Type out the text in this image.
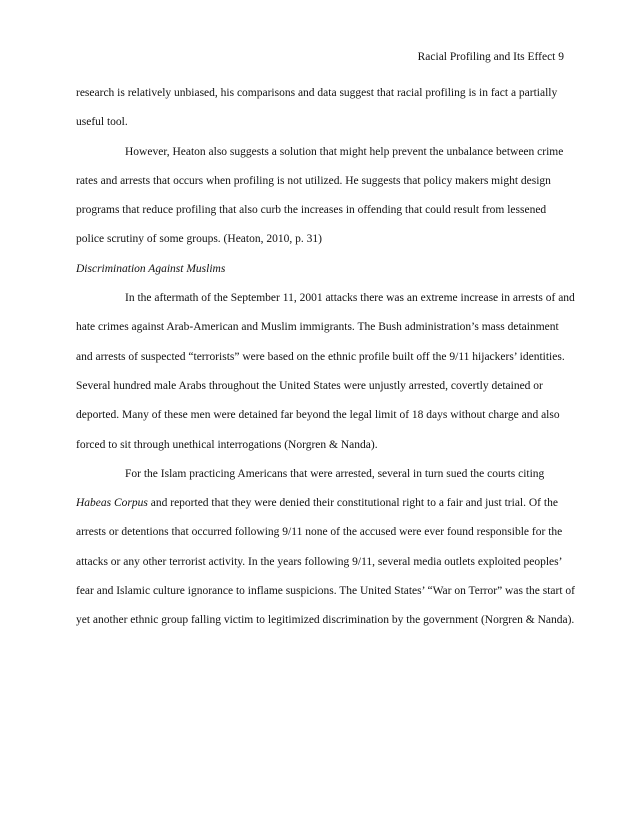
Racial Profiling and Its Effect 9

research is relatively unbiased, his comparisons and data suggest that racial profiling is in fact a partially useful tool.

However, Heaton also suggests a solution that might help prevent the unbalance between crime rates and arrests that occurs when profiling is not utilized. He suggests that policy makers might design programs that reduce profiling that also curb the increases in offending that could result from lessened police scrutiny of some groups. (Heaton, 2010, p. 31)

Discrimination Against Muslims

In the aftermath of the September 11, 2001 attacks there was an extreme increase in arrests of and hate crimes against Arab-American and Muslim immigrants. The Bush administration’s mass detainment and arrests of suspected “terrorists” were based on the ethnic profile built off the 9/11 hijackers’ identities. Several hundred male Arabs throughout the United States were unjustly arrested, covertly detained or deported. Many of these men were detained far beyond the legal limit of 18 days without charge and also forced to sit through unethical interrogations (Norgren & Nanda).

For the Islam practicing Americans that were arrested, several in turn sued the courts citing Habeas Corpus and reported that they were denied their constitutional right to a fair and just trial. Of the arrests or detentions that occurred following 9/11 none of the accused were ever found responsible for the attacks or any other terrorist activity. In the years following 9/11, several media outlets exploited peoples’ fear and Islamic culture ignorance to inflame suspicions. The United States’ “War on Terror” was the start of yet another ethnic group falling victim to legitimized discrimination by the government (Norgren & Nanda).
